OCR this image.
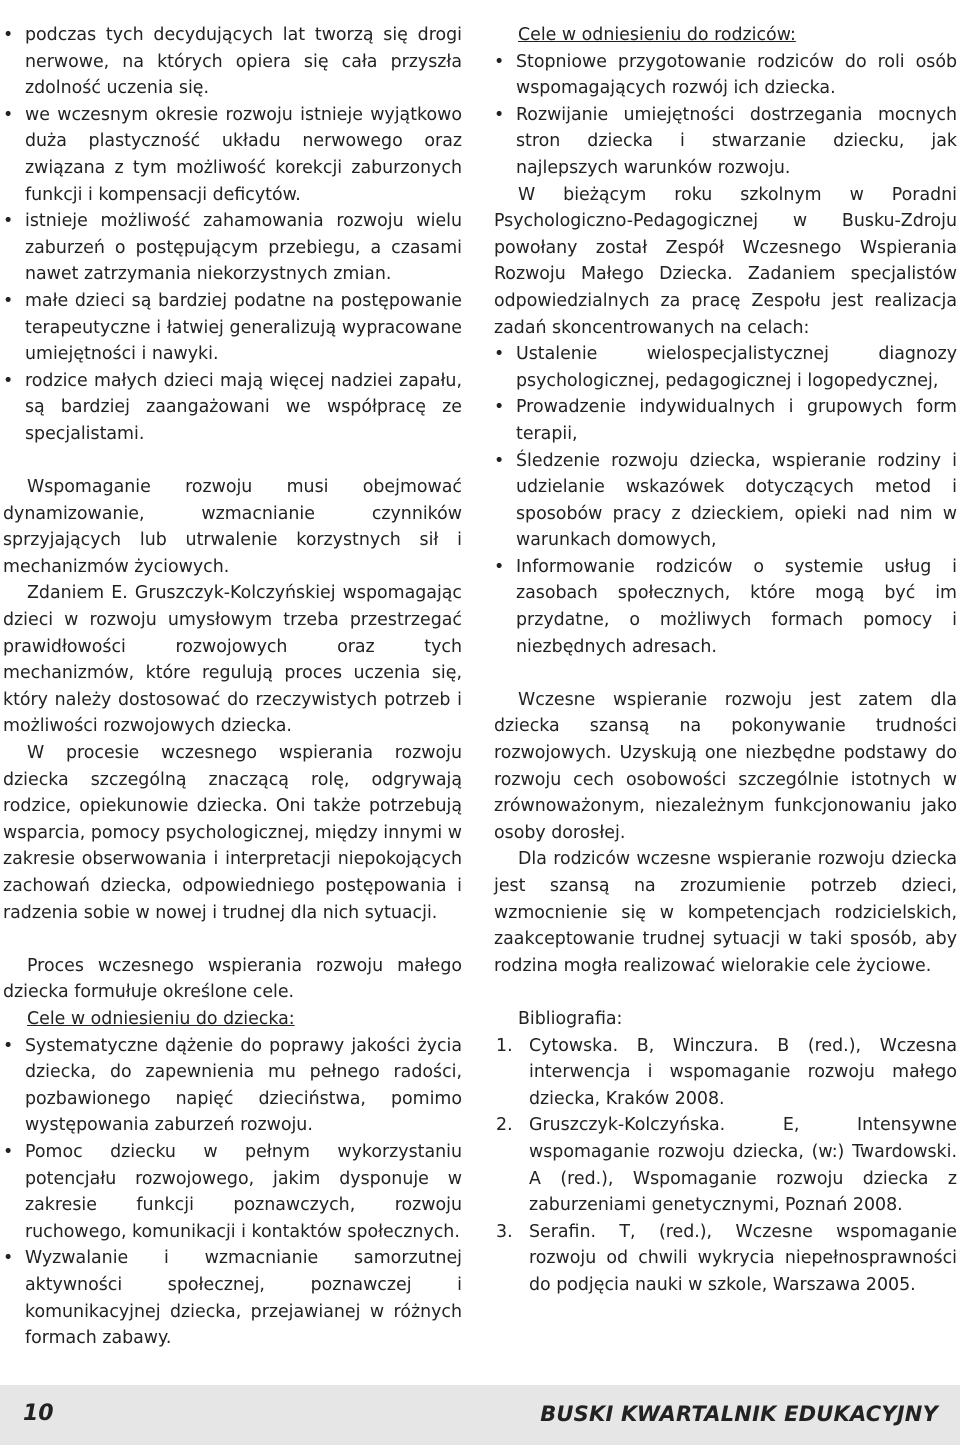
• podczas tych decydujących lat tworzą się drogi nerwowe, na których opiera się cała przyszła zdolność uczenia się.
• we wczesnym okresie rozwoju istnieje wyjątkowo duża plastyczność układu nerwowego oraz związana z tym możliwość korekcji zaburzonych funkcji i kompensacji deficytów.
• istnieje możliwość zahamowania rozwoju wielu zaburzeń o postępującym przebiegu, a czasami nawet zatrzymania niekorzystnych zmian.
• małe dzieci są bardziej podatne na postępowanie terapeutyczne i łatwiej generalizują wypracowane umiejętności i nawyki.
• rodzice małych dzieci mają więcej nadziei zapału, są bardziej zaangażowani we współpracę ze specjalistami.

Wspomaganie rozwoju musi obejmować dynamizowanie, wzmacnianie czynników sprzyjających lub utrwalenie korzystnych sił i mechanizmów życiowych.

Zdaniem E. Gruszczyk-Kolczyńskiej wspomagając dzieci w rozwoju umysłowym trzeba przestrzegać prawidłowości rozwojowych oraz tych mechanizmów, które regulują proces uczenia się, który należy dostosować do rzeczywistych potrzeb i możliwości rozwojowych dziecka.

W procesie wczesnego wspierania rozwoju dziecka szczególną znaczącą rolę, odgrywają rodzice, opiekunowie dziecka. Oni także potrzebują wsparcia, pomocy psychologicznej, między innymi w zakresie obserwowania i interpretacji niepokojących zachowań dziecka, odpowiedniego postępowania i radzenia sobie w nowej i trudnej dla nich sytuacji.

Proces wczesnego wspierania rozwoju małego dziecka formułuje określone cele.

Cele w odniesieniu do dziecka:

• Systematyczne dążenie do poprawy jakości życia dziecka, do zapewnienia mu pełnego radości, pozbawionego napięć dzieciństwa, pomimo występowania zaburzeń rozwoju.
• Pomoc dziecku w pełnym wykorzystaniu potencjału rozwojowego, jakim dysponuje w zakresie funkcji poznawczych, rozwoju ruchowego, komunikacji i kontaktów społecznych.
• Wyzwalanie i wzmacnianie samorzutnej aktywności społecznej, poznawczej i komunikacyjnej dziecka, przejawianej w różnych formach zabawy.

Cele w odniesieniu do rodziców:

• Stopniowe przygotowanie rodziców do roli osób wspomagających rozwój ich dziecka.
• Rozwijanie umiejętności dostrzegania mocnych stron dziecka i stwarzanie dziecku, jak najlepszych warunków rozwoju.

W bieżącym roku szkolnym w Poradni Psychologiczno-Pedagogicznej w Busku-Zdroju powołany został Zespół Wczesnego Wspierania Rozwoju Małego Dziecka. Zadaniem specjalistów odpowiedzialnych za pracę Zespołu jest realizacja zadań skoncentrowanych na celach:

• Ustalenie wielospecjalistycznej diagnozy psychologicznej, pedagogicznej i logopedycznej,
• Prowadzenie indywidualnych i grupowych form terapii,
• Śledzenie rozwoju dziecka, wspieranie rodziny i udzielanie wskazówek dotyczących metod i sposobów pracy z dzieckiem, opieki nad nim w warunkach domowych,
• Informowanie rodziców o systemie usług i zasobach społecznych, które mogą być im przydatne, o możliwych formach pomocy i niezbędnych adresach.

Wczesne wspieranie rozwoju jest zatem dla dziecka szansą na pokonywanie trudności rozwojowych. Uzyskują one niezbędne podstawy do rozwoju cech osobowości szczególnie istotnych w zrównoważonym, niezależnym funkcjonowaniu jako osoby dorosłej.

Dla rodziców wczesne wspieranie rozwoju dziecka jest szansą na zrozumienie potrzeb dzieci, wzmocnienie się w kompetencjach rodzicielskich, zaakceptowanie trudnej sytuacji w taki sposób, aby rodzina mogła realizować wielorakie cele życiowe.

Bibliografia:

1. Cytowska. B, Winczura. B (red.), Wczesna interwencja i wspomaganie rozwoju małego dziecka, Kraków 2008.
2. Gruszczyk-Kolczyńska. E, Intensywne wspomaganie rozwoju dziecka, (w:) Twardowski. A (red.), Wspomaganie rozwoju dziecka z zaburzeniami genetycznymi, Poznań 2008.
3. Serafin. T, (red.), Wczesne wspomaganie rozwoju od chwili wykrycia niepełnosprawności do podjęcia nauki w szkole, Warszawa 2005.
10	BUSKI KWARTALNIK EDUKACYJNY
